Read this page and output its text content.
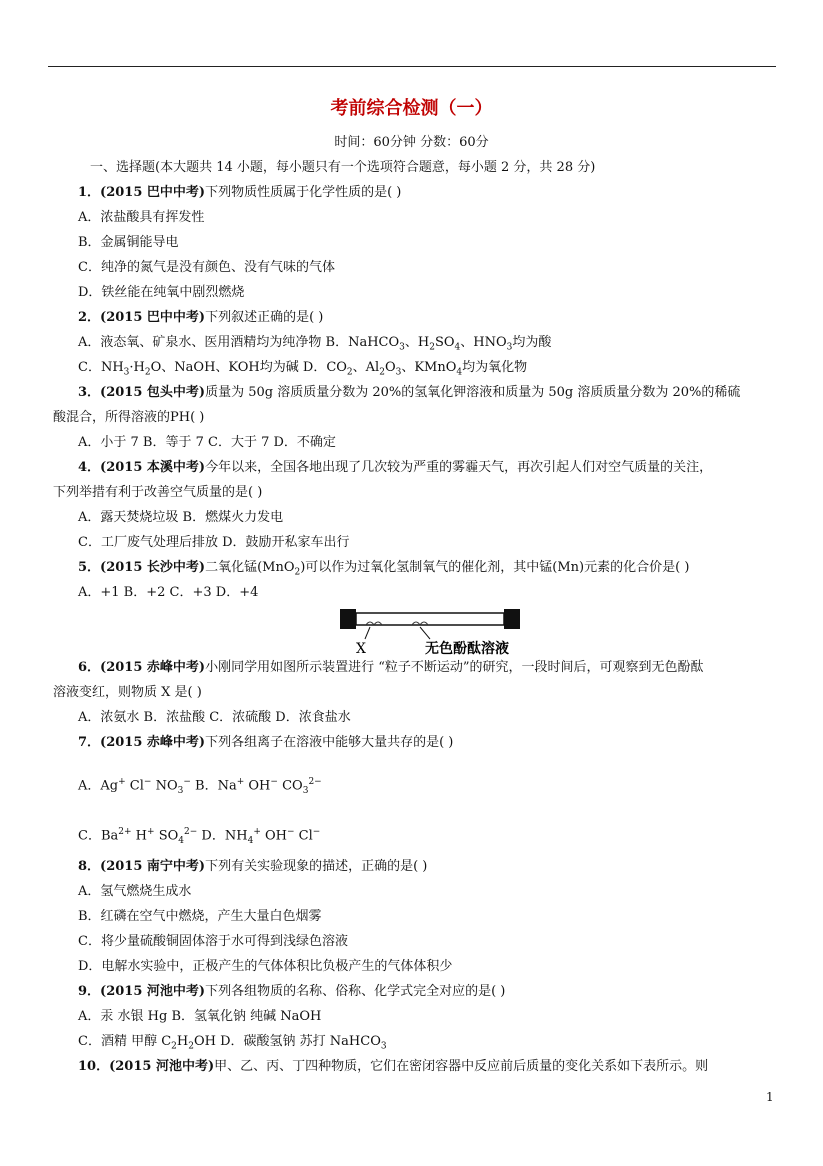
考前综合检测（一）
时间：60分钟 分数：60分
一、选择题(本大题共 14 小题，每小题只有一个选项符合题意，每小题 2 分，共 28 分)
1．(2015 巴中中考)下列物质性质属于化学性质的是( )
A．浓盐酸具有挥发性
B．金属铜能导电
C．纯净的氮气是没有颜色、没有气味的气体
D．铁丝能在纯氧中剧烈燃烧
2．(2015 巴中中考)下列叙述正确的是( )
A．液态氧、矿泉水、医用酒精均为纯净物 B．NaHCO$_3$、$H_2SO_4$、$HNO_3$均为酸
C．$NH_3\cdot H_2O$、NaOH、KOH均为碱 D．$CO_2$、$Al_2O_3$、KMnO$_4$均为氧化物
3．(2015 包头中考)质量为 50g 溶质质量分数为 20%的氢氧化钾溶液和质量为 50g 溶质质量分数为 20%的稀硫
酸混合，所得溶液的PH( )
A．小于 7 B．等于 7 C．大于 7 D．不确定
4．(2015 本溪中考)今年以来，全国各地出现了几次较为严重的雾霾天气，再次引起人们对空气质量的关注，
下列举措有利于改善空气质量的是( )
A．露天焚烧垃圾 B．燃煤火力发电
C．工厂废气处理后排放 D．鼓励开私家车出行
5．(2015 长沙中考)二氧化锰(MnO$_2$)可以作为过氧化氢制氧气的催化剂，其中锰(Mn)元素的化合价是( )
A．+1 B．+2 C．+3 D．+4
X	无色酚酞溶液
6．(2015 赤峰中考)小刚同学用如图所示装置进行 “粒子不断运动”的研究，一段时间后，可观察到无色酚酞
溶液变红，则物质 X 是( )
A．浓氨水 B．浓盐酸 C．浓硫酸 D．浓食盐水
7．(2015 赤峰中考)下列各组离子在溶液中能够大量共存的是( )
A．Ag+ Cl− $NO_3^-$ B．Na+ OH− $CO_3^{2-}$
C．$Ba^{2+}$ H+ $SO_4^{2-}$ D．$NH_4^+$ OH− Cl−
8．(2015 南宁中考)下列有关实验现象的描述，正确的是( )
A．氢气燃烧生成水
B．红磷在空气中燃烧，产生大量白色烟雾
C．将少量硫酸铜固体溶于水可得到浅绿色溶液
D．电解水实验中，正极产生的气体体积比负极产生的气体体积少
9．(2015 河池中考)下列各组物质的名称、俗称、化学式完全对应的是( )
A．汞 水银 Hg B．氢氧化钠 纯碱 NaOH
C．酒精 甲醇 $C_2H_2OH$ D．碳酸氢钠 苏打 NaHCO$_3$
10．(2015 河池中考)甲、乙、丙、丁四种物质，它们在密闭容器中反应前后质量的变化关系如下表所示。则
1
